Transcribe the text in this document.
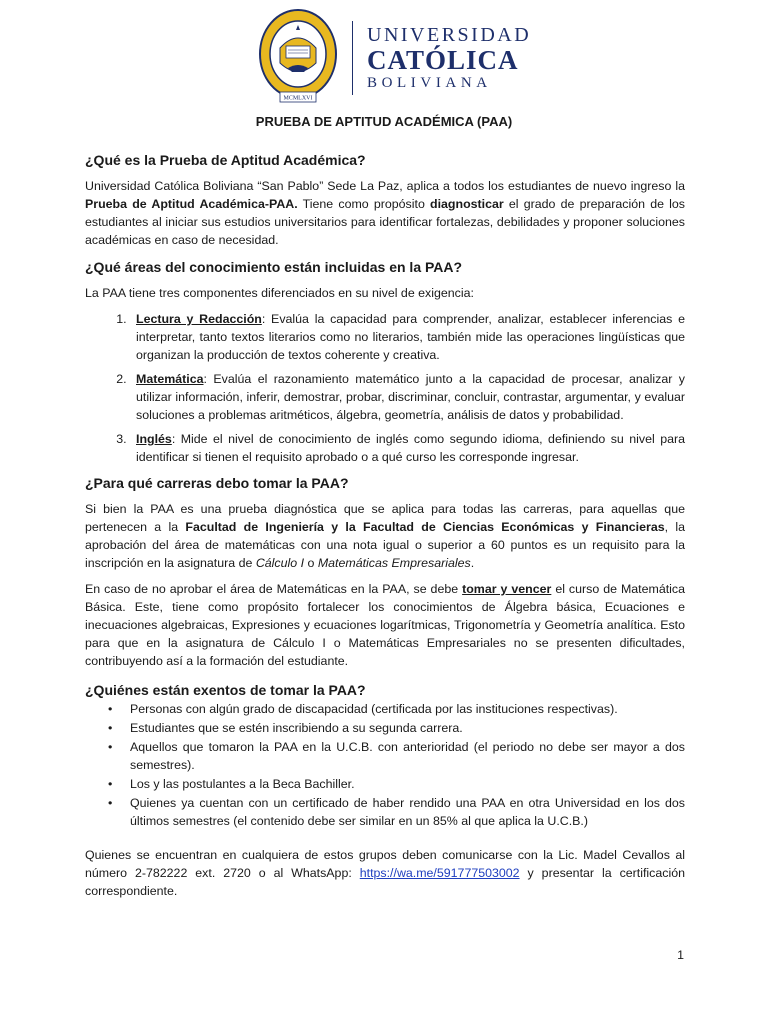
MCMLXVI
UNIVERSIDAD
CATÓLICA
BOLIVIANA
PRUEBA DE APTITUD ACADÉMICA (PAA)
¿Qué es la Prueba de Aptitud Académica?

Universidad Católica Boliviana “San Pablo” Sede La Paz, aplica a todos los estudiantes de nuevo ingreso la Prueba de Aptitud Académica-PAA. Tiene como propósito diagnosticar el grado de preparación de los estudiantes al iniciar sus estudios universitarios para identificar fortalezas, debilidades y proponer soluciones académicas en caso de necesidad.

¿Qué áreas del conocimiento están incluidas en la PAA?

La PAA tiene tres componentes diferenciados en su nivel de exigencia:

1. Lectura y Redacción: Evalúa la capacidad para comprender, analizar, establecer inferencias e interpretar, tanto textos literarios como no literarios, también mide las operaciones lingüísticas que organizan la producción de textos coherente y creativa.
2. Matemática: Evalúa el razonamiento matemático junto a la capacidad de procesar, analizar y utilizar información, inferir, demostrar, probar, discriminar, concluir, contrastar, argumentar, y evaluar soluciones a problemas aritméticos, álgebra, geometría, análisis de datos y probabilidad.
3. Inglés: Mide el nivel de conocimiento de inglés como segundo idioma, definiendo su nivel para identificar si tienen el requisito aprobado o a qué curso les corresponde ingresar.
¿Para qué carreras debo tomar la PAA?

Si bien la PAA es una prueba diagnóstica que se aplica para todas las carreras, para aquellas que pertenecen a la Facultad de Ingeniería y la Facultad de Ciencias Económicas y Financieras, la aprobación del área de matemáticas con una nota igual o superior a 60 puntos es un requisito para la inscripción en la asignatura de Cálculo I o Matemáticas Empresariales.

En caso de no aprobar el área de Matemáticas en la PAA, se debe tomar y vencer el curso de Matemática Básica. Este, tiene como propósito fortalecer los conocimientos de Álgebra básica, Ecuaciones e inecuaciones algebraicas, Expresiones y ecuaciones logarítmicas, Trigonometría y Geometría analítica. Esto para que en la asignatura de Cálculo I o Matemáticas Empresariales no se presenten dificultades, contribuyendo así a la formación del estudiante.

¿Quiénes están exentos de tomar la PAA?
• Personas con algún grado de discapacidad (certificada por las instituciones respectivas).
• Estudiantes que se estén inscribiendo a su segunda carrera.
• Aquellos que tomaron la PAA en la U.C.B. con anterioridad (el periodo no debe ser mayor a dos semestres).
• Los y las postulantes a la Beca Bachiller.
• Quienes ya cuentan con un certificado de haber rendido una PAA en otra Universidad en los dos últimos semestres (el contenido debe ser similar en un 85% al que aplica la U.C.B.)

Quienes se encuentran en cualquiera de estos grupos deben comunicarse con la Lic. Madel Cevallos al número 2-782222 ext. 2720 o al WhatsApp: https://wa.me/591777503002 y presentar la certificación correspondiente.

1
